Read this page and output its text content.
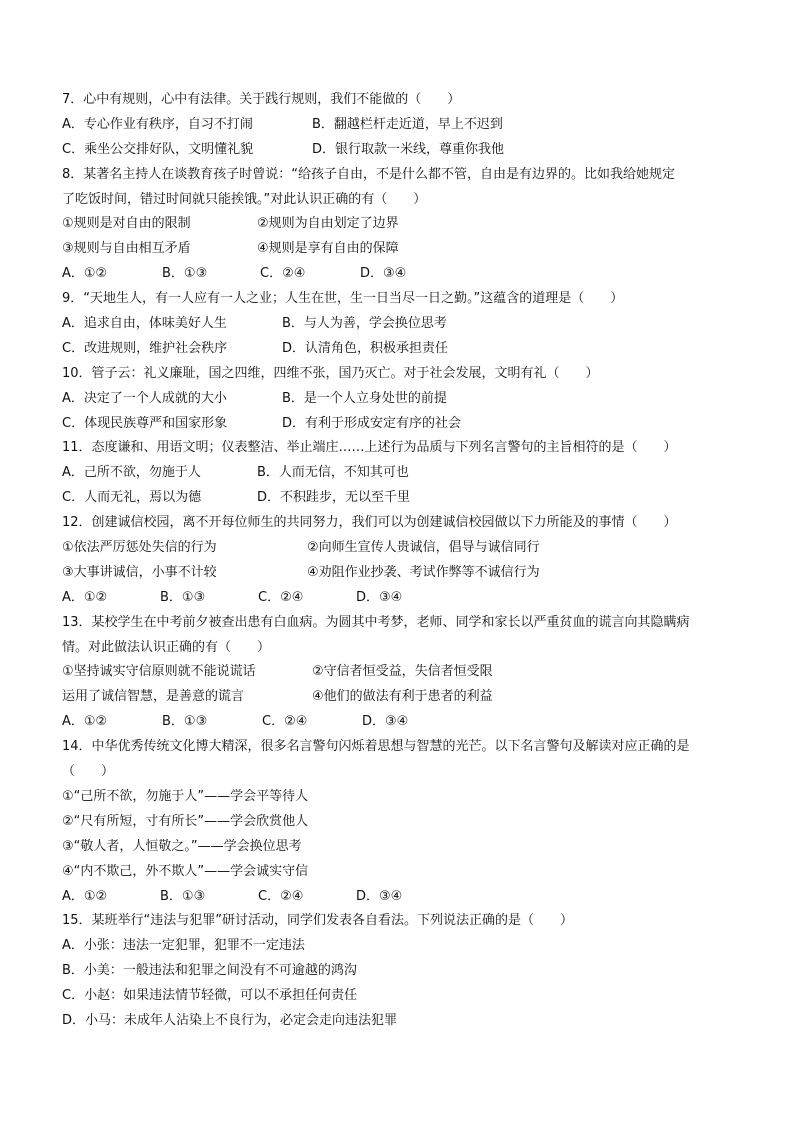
7．心中有规则，心中有法律。关于践行规则，我们不能做的（　　）
A．专心作业有秩序，自习不打闹	B．翻越栏杆走近道，早上不迟到
C．乘坐公交排好队，文明懂礼貌	D．银行取款一米线，尊重你我他
8．某著名主持人在谈教育孩子时曾说：“给孩子自由，不是什么都不管，自由是有边界的。比如我给她规定
了吃饭时间，错过时间就只能挨饿。”对此认识正确的有（　　）
①规则是对自由的限制	②规则为自由划定了边界
③规则与自由相互矛盾	④规则是享有自由的保障
A．①②	B．①③	C．②④	D．③④
9．“天地生人，有一人应有一人之业；人生在世，生一日当尽一日之勤。”这蕴含的道理是（　　）
A．追求自由，体味美好人生	B．与人为善，学会换位思考
C．改进规则，维护社会秩序	D．认清角色，积极承担责任
10．管子云：礼义廉耻，国之四维，四维不张，国乃灭亡。对于社会发展，文明有礼（　　）
A．决定了一个人成就的大小	B．是一个人立身处世的前提
C．体现民族尊严和国家形象	D．有利于形成安定有序的社会
11．态度谦和、用语文明；仪表整洁、举止端庄……上述行为品质与下列名言警句的主旨相符的是（　　）
A．己所不欲，勿施于人	B．人而无信，不知其可也
C．人而无礼，焉以为德	D．不积跬步，无以至千里
12．创建诚信校园，离不开每位师生的共同努力，我们可以为创建诚信校园做以下力所能及的事情（　　）
①依法严厉惩处失信的行为	②向师生宣传人贵诚信，倡导与诚信同行
③大事讲诚信，小事不计较	④劝阻作业抄袭、考试作弊等不诚信行为
A．①②	B．①③	C．②④	D．③④
13．某校学生在中考前夕被查出患有白血病。为圆其中考梦，老师、同学和家长以严重贫血的谎言向其隐瞒病
情。对此做法认识正确的有（　　）
①坚持诚实守信原则就不能说谎话	②守信者恒受益，失信者恒受限
运用了诚信智慧，是善意的谎言	④他们的做法有利于患者的利益
A．①②	B．①③	C．②④	D．③④
14．中华优秀传统文化博大精深，很多名言警句闪烁着思想与智慧的光芒。以下名言警句及解读对应正确的是
（　　）
①“己所不欲，勿施于人”——学会平等待人
②“尺有所短，寸有所长”——学会欣赏他人
③“敬人者，人恒敬之。”——学会换位思考
④“内不欺己，外不欺人”——学会诚实守信
A．①②	B．①③	C．②④	D．③④
15．某班举行“违法与犯罪”研讨活动，同学们发表各自看法。下列说法正确的是（　　）
A．小张：违法一定犯罪，犯罪不一定违法
B．小美：一般违法和犯罪之间没有不可逾越的鸿沟
C．小赵：如果违法情节轻微，可以不承担任何责任
D．小马：未成年人沾染上不良行为，必定会走向违法犯罪
